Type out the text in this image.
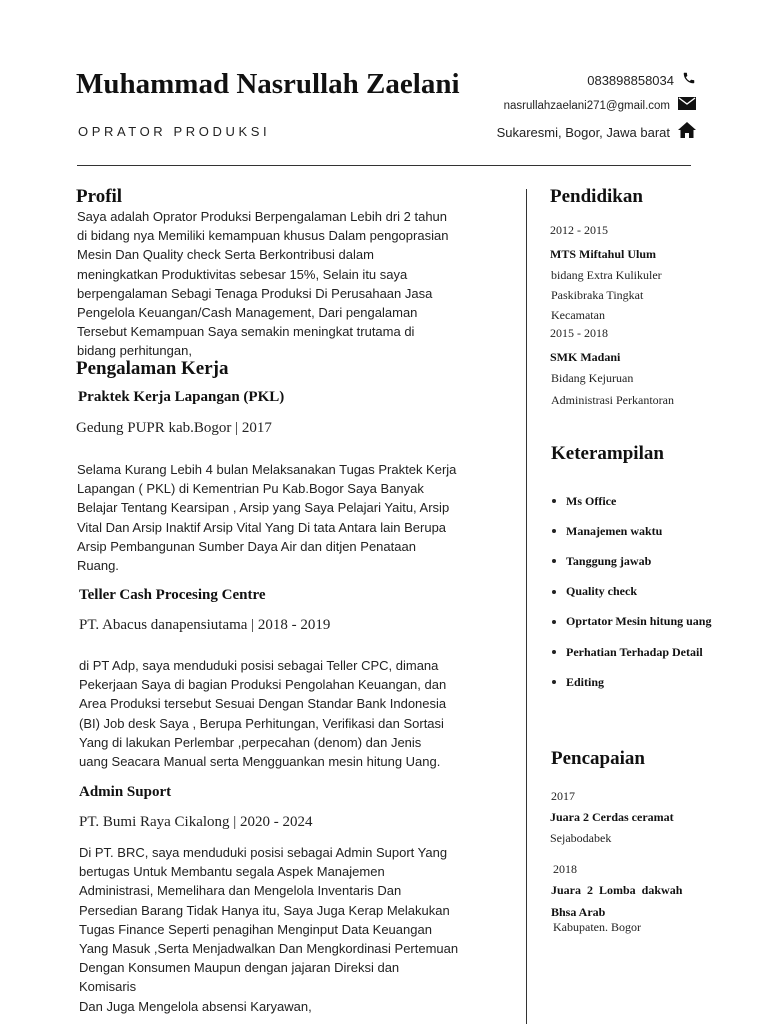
Muhammad Nasrullah Zaelani
OPRATOR PRODUKSI
083898858034
nasrullahzaelani271@gmail.com
Sukaresmi, Bogor, Jawa barat
Profil
Saya adalah Oprator Produksi Berpengalaman Lebih dri 2 tahun
di bidang nya Memiliki kemampuan khusus Dalam pengoprasian
Mesin Dan Quality check Serta Berkontribusi dalam
meningkatkan Produktivitas sebesar 15%, Selain itu saya
berpengalaman Sebagi Tenaga Produksi Di Perusahaan Jasa
Pengelola Keuangan/Cash Management, Dari pengalaman
Tersebut Kemampuan Saya semakin meningkat trutama di
bidang perhitungan,
Pengalaman Kerja
Praktek Kerja Lapangan (PKL)
Gedung PUPR kab.Bogor | 2017
Selama Kurang Lebih 4 bulan Melaksanakan Tugas Praktek Kerja
Lapangan ( PKL) di Kementrian Pu Kab.Bogor Saya Banyak
Belajar Tentang Kearsipan , Arsip yang Saya Pelajari Yaitu, Arsip
Vital Dan Arsip Inaktif Arsip Vital Yang Di tata Antara lain Berupa
Arsip Pembangunan Sumber Daya Air dan ditjen Penataan
Ruang.
Teller Cash Procesing Centre
PT. Abacus danapensiutama | 2018 - 2019
di PT Adp, saya menduduki posisi sebagai Teller CPC, dimana
Pekerjaan Saya di bagian Produksi Pengolahan Keuangan, dan
Area Produksi tersebut Sesuai Dengan Standar Bank Indonesia
(BI) Job desk Saya , Berupa Perhitungan, Verifikasi dan Sortasi
Yang di lakukan Perlembar ,perpecahan (denom) dan Jenis
uang Seacara Manual serta Mengguankan mesin hitung Uang.
Admin Suport
PT. Bumi Raya Cikalong | 2020 - 2024
Di PT. BRC, saya menduduki posisi sebagai Admin Suport Yang
bertugas Untuk Membantu segala Aspek Manajemen
Administrasi, Memelihara dan Mengelola Inventaris Dan
Persedian Barang Tidak Hanya itu, Saya Juga Kerap Melakukan
Tugas Finance Seperti penagihan Menginput Data Keuangan
Yang Masuk ,Serta Menjadwalkan Dan Mengkordinasi Pertemuan
Dengan Konsumen Maupun dengan jajaran Direksi dan
Komisaris
Dan Juga Mengelola absensi Karyawan,
Pendidikan
2012 - 2015
MTS Miftahul Ulum
bidang Extra Kulikuler
Paskibraka Tingkat
Kecamatan
2015 - 2018
SMK Madani
Bidang Kejuruan
Administrasi Perkantoran
Keterampilan
Ms Office
Manajemen waktu
Tanggung jawab
Quality check
Oprtator Mesin hitung uang
Perhatian Terhadap Detail
Editing
Pencapaian
2017
Juara 2 Cerdas ceramat
Sejabodabek
2018
Juara  2  Lomba  dakwah
Bhsa Arab
Kabupaten. Bogor
